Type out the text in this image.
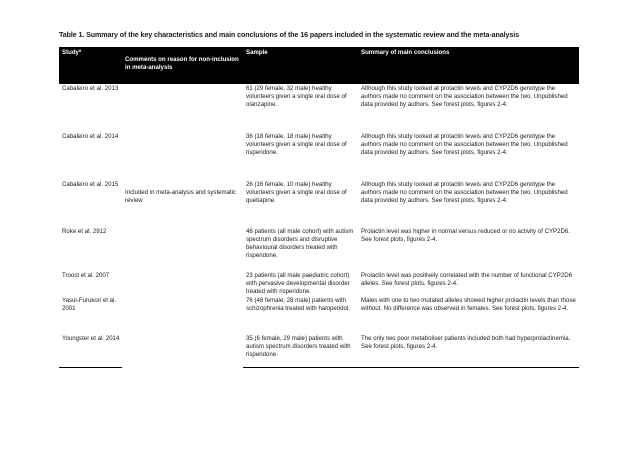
Table 1. Summary of the key characteristics and main conclusions of the 16 papers included in the systematic review and the meta-analysis
Study*	Comments on reason for non-inclusion in meta-analysis	Sample	Summary of main conclusions
Cabaleiro et al. 2013	Included in meta-analysis and systematic review	61 (29 female, 32 male) healthy volunteers given a single oral dose of olanzapine.	Although this study looked at prolactin levels and CYP2D6 genotype the authors made no comment on the association between the two. Unpublished data provided by authors. See forest plots, figures 2-4.
Cabaleiro et al. 2014		36 (18 female, 18 male) healthy volunteers given a single oral dose of risperidone.	Although this study looked at prolactin levels and CYP2D6 genotype the authors made no comment on the association between the two. Unpublished data provided by authors. See forest plots, figures 2-4.
Cabaleiro et al. 2015		26 (16 female, 10 male) healthy volunteers given a single oral dose of quetiapine.	Although this study looked at prolactin levels and CYP2D6 genotype the authors made no comment on the association between the two. Unpublished data provided by authors. See forest plots, figures 2-4.
Roke et al. 2912		46 patients (all male cohort) with autism spectrum disorders and disruptive behavioural disorders treated with risperidone.	Prolactin level was higher in normal versus reduced or no activity of CYP2D6. See forest plots, figures 2-4.
Troost et al. 2007		23 patients (all male paediatric cohort) with pervasive developmental disorder treated with risperidone.	Prolactin level was positively correlated with the number of functional CYP2D6 alleles. See forest plots, figures 2-4.
Yasui-Furukori et al. 2001		76 (48 female, 28 male) patients with schizophrenia treated with haloperidol.	Males with one to two mutated alleles showed higher prolactin levels than those without. No difference was observed in females. See forest plots, figures 2-4.
Youngster et al. 2014		35 (6 female, 29 male) patients with autism spectrum disorders treated with risperidone.	The only two poor metaboliser patients included both had hyperprolactinemia. See forest plots, figures 2-4.
